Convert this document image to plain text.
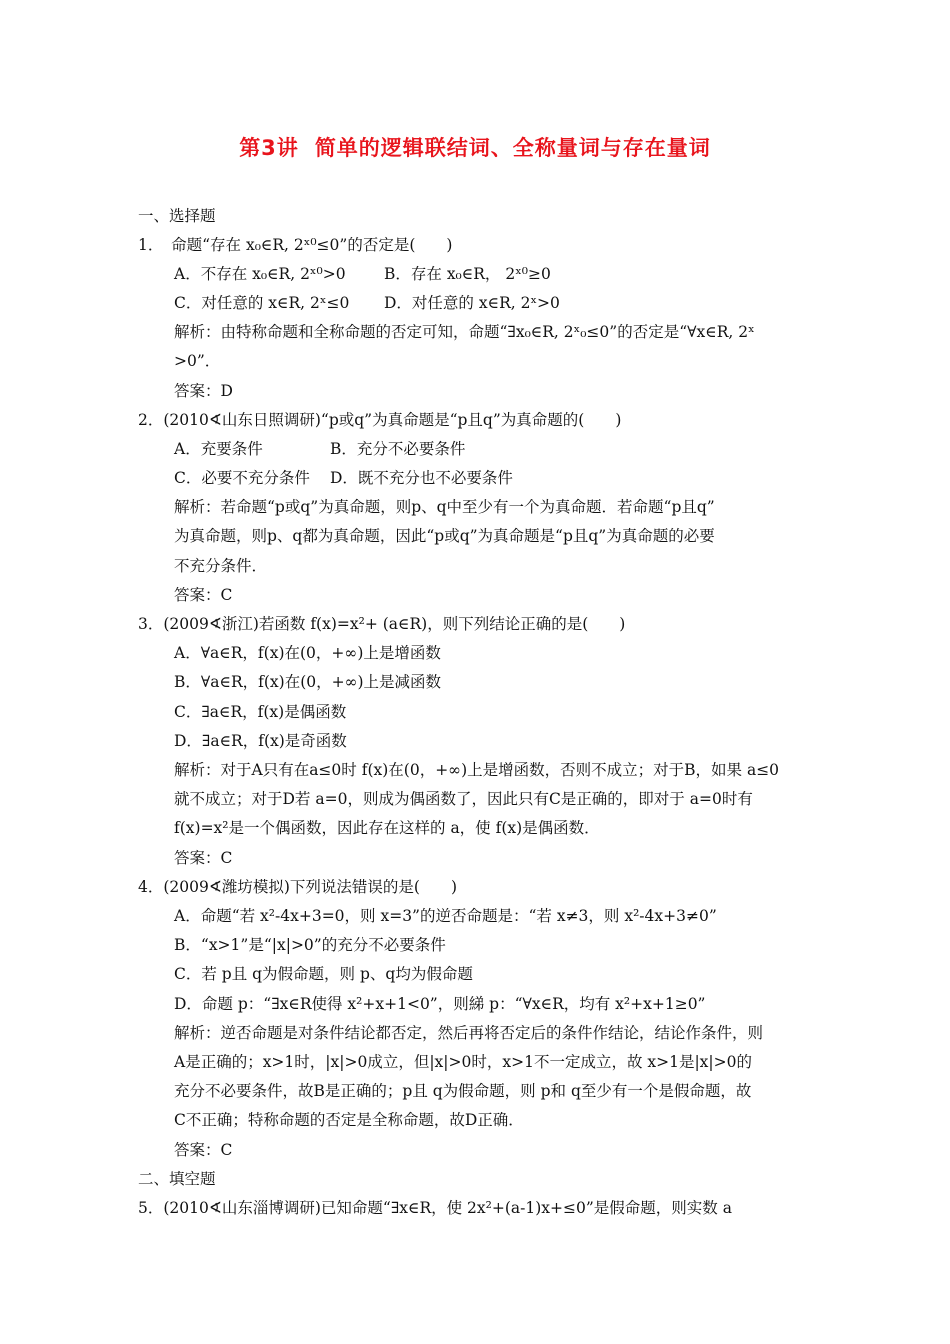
第3讲 简单的逻辑联结词、全称量词与存在量词
一、选择题
1．　命题“存在 x₀∈R, 2ˣ⁰≤0”的否定是(　　)
A．不存在 x₀∈R, 2ˣ⁰>0 B．存在 x₀∈R， 2ˣ⁰≥0
C．对任意的 x∈R, 2ˣ≤0 D．对任意的 x∈R, 2ˣ>0
解析：由特称命题和全称命题的否定可知，命题“∃x₀∈R, 2ˣ₀≤0”的否定是“∀x∈R, 2ˣ
>0”．
答案：D
2．(2010∢山东日照调研)“p或q”为真命题是“p且q”为真命题的(　　)
A．充要条件	B．充分不必要条件
C．必要不充分条件 D．既不充分也不必要条件
解析：若命题“p或q”为真命题，则p、q中至少有一个为真命题．若命题“p且q”
为真命题，则p、q都为真命题，因此“p或q”为真命题是“p且q”为真命题的必要
不充分条件．
答案：C
3．(2009∢浙江)若函数 f(x)=x²+ (a∈R)，则下列结论正确的是(　　)
A．∀a∈R，f(x)在(0，+∞)上是增函数
B．∀a∈R，f(x)在(0，+∞)上是减函数
C．∃a∈R，f(x)是偶函数
D．∃a∈R，f(x)是奇函数
解析：对于A只有在a≤0时 f(x)在(0，+∞)上是增函数，否则不成立；对于B，如果 a≤0
就不成立；对于D若 a=0，则成为偶函数了，因此只有C是正确的，即对于 a=0时有
f(x)=x²是一个偶函数，因此存在这样的 a，使 f(x)是偶函数．
答案：C
4．(2009∢潍坊模拟)下列说法错误的是(　　)
A．命题“若 x²-4x+3=0，则 x=3”的逆否命题是：“若 x≠3，则 x²-4x+3≠0”
B．“x>1”是“|x|>0”的充分不必要条件
C．若 p且 q为假命题，则 p、q均为假命题
D．命题 p：“∃x∈R使得 x²+x+1<0”，则綈 p：“∀x∈R，均有 x²+x+1≥0”
解析：逆否命题是对条件结论都否定，然后再将否定后的条件作结论，结论作条件，则
A是正确的；x>1时，|x|>0成立，但|x|>0时，x>1不一定成立，故 x>1是|x|>0的
充分不必要条件，故B是正确的；p且 q为假命题，则 p和 q至少有一个是假命题，故
C不正确；特称命题的否定是全称命题，故D正确．
答案：C
二、填空题
5．(2010∢山东淄博调研)已知命题“∃x∈R，使 2x²+(a-1)x+≤0”是假命题，则实数 a
